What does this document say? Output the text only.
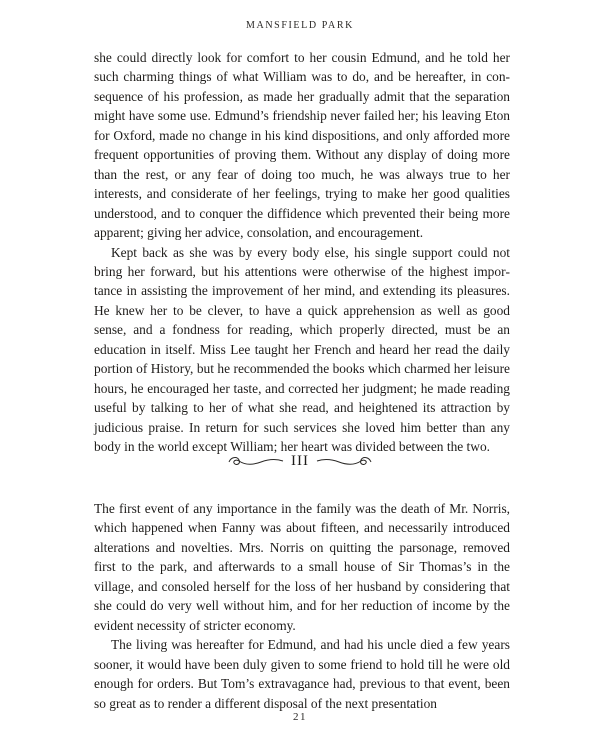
MANSFIELD PARK

she could directly look for comfort to her cousin Edmund, and he told her such charming things of what William was to do, and be hereafter, in consequence of his profession, as made her gradually admit that the separation might have some use. Edmund’s friendship never failed her; his leaving Eton for Oxford, made no change in his kind dispositions, and only afforded more frequent opportunities of proving them. Without any display of doing more than the rest, or any fear of doing too much, he was always true to her interests, and considerate of her feelings, trying to make her good qualities understood, and to conquer the diffidence which prevented their being more apparent; giving her advice, consolation, and encouragement.

Kept back as she was by every body else, his single support could not bring her forward, but his attentions were otherwise of the highest importance in assisting the improvement of her mind, and extending its pleasures. He knew her to be clever, to have a quick apprehension as well as good sense, and a fondness for reading, which properly directed, must be an education in itself. Miss Lee taught her French and heard her read the daily portion of History, but he recommended the books which charmed her leisure hours, he encouraged her taste, and corrected her judgment; he made reading useful by talking to her of what she read, and heightened its attraction by judicious praise. In return for such services she loved him better than any body in the world except William; her heart was divided between the two.

III

The first event of any importance in the family was the death of Mr. Norris, which happened when Fanny was about fifteen, and necessarily introduced alterations and novelties. Mrs. Norris on quitting the parsonage, removed first to the park, and afterwards to a small house of Sir Thomas’s in the village, and consoled herself for the loss of her husband by considering that she could do very well without him, and for her reduction of income by the evident necessity of stricter economy.

The living was hereafter for Edmund, and had his uncle died a few years sooner, it would have been duly given to some friend to hold till he were old enough for orders. But Tom’s extravagance had, previous to that event, been so great as to render a different disposal of the next presentation

21
